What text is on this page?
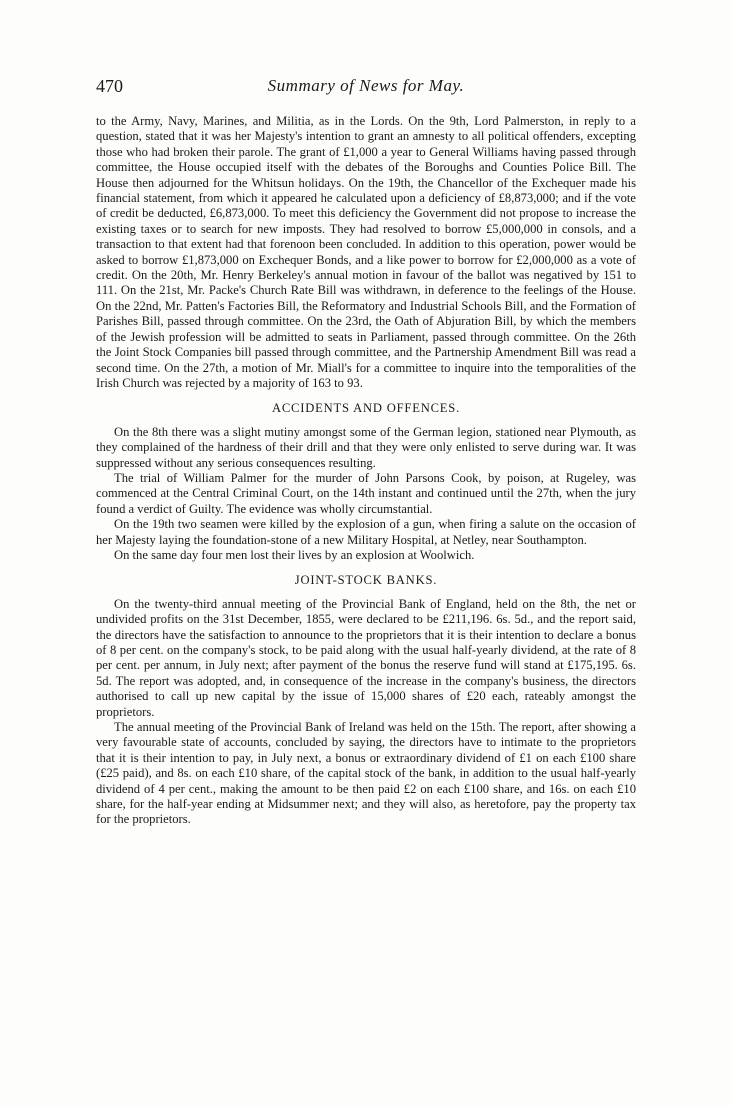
470	Summary of News for May.

to the Army, Navy, Marines, and Militia, as in the Lords. On the 9th, Lord Palmerston, in reply to a question, stated that it was her Majesty's intention to grant an amnesty to all political offenders, excepting those who had broken their parole. The grant of £1,000 a year to General Williams having passed through committee, the House occupied itself with the debates of the Boroughs and Counties Police Bill. The House then adjourned for the Whitsun holidays. On the 19th, the Chancellor of the Exchequer made his financial statement, from which it appeared he calculated upon a deficiency of £8,873,000; and if the vote of credit be deducted, £6,873,000. To meet this deficiency the Government did not propose to increase the existing taxes or to search for new imposts. They had resolved to borrow £5,000,000 in consols, and a transaction to that extent had that forenoon been concluded. In addition to this operation, power would be asked to borrow £1,873,000 on Exchequer Bonds, and a like power to borrow for £2,000,000 as a vote of credit. On the 20th, Mr. Henry Berkeley's annual motion in favour of the ballot was negatived by 151 to 111. On the 21st, Mr. Packe's Church Rate Bill was withdrawn, in deference to the feelings of the House. On the 22nd, Mr. Patten's Factories Bill, the Reformatory and Industrial Schools Bill, and the Formation of Parishes Bill, passed through committee. On the 23rd, the Oath of Abjuration Bill, by which the members of the Jewish profession will be admitted to seats in Parliament, passed through committee. On the 26th the Joint Stock Companies bill passed through committee, and the Partnership Amendment Bill was read a second time. On the 27th, a motion of Mr. Miall's for a committee to inquire into the temporalities of the Irish Church was rejected by a majority of 163 to 93.

ACCIDENTS AND OFFENCES.

On the 8th there was a slight mutiny amongst some of the German legion, stationed near Plymouth, as they complained of the hardness of their drill and that they were only enlisted to serve during war. It was suppressed without any serious consequences resulting.

The trial of William Palmer for the murder of John Parsons Cook, by poison, at Rugeley, was commenced at the Central Criminal Court, on the 14th instant and continued until the 27th, when the jury found a verdict of Guilty. The evidence was wholly circumstantial.

On the 19th two seamen were killed by the explosion of a gun, when firing a salute on the occasion of her Majesty laying the foundation-stone of a new Military Hospital, at Netley, near Southampton.

On the same day four men lost their lives by an explosion at Woolwich.

JOINT-STOCK BANKS.

On the twenty-third annual meeting of the Provincial Bank of England, held on the 8th, the net or undivided profits on the 31st December, 1855, were declared to be £211,196. 6s. 5d., and the report said, the directors have the satisfaction to announce to the proprietors that it is their intention to declare a bonus of 8 per cent. on the company's stock, to be paid along with the usual half-yearly dividend, at the rate of 8 per cent. per annum, in July next; after payment of the bonus the reserve fund will stand at £175,195. 6s. 5d. The report was adopted, and, in consequence of the increase in the company's business, the directors authorised to call up new capital by the issue of 15,000 shares of £20 each, rateably amongst the proprietors.

The annual meeting of the Provincial Bank of Ireland was held on the 15th. The report, after showing a very favourable state of accounts, concluded by saying, the directors have to intimate to the proprietors that it is their intention to pay, in July next, a bonus or extraordinary dividend of £1 on each £100 share (£25 paid), and 8s. on each £10 share, of the capital stock of the bank, in addition to the usual half-yearly dividend of 4 per cent., making the amount to be then paid £2 on each £100 share, and 16s. on each £10 share, for the half-year ending at Midsummer next; and they will also, as heretofore, pay the property tax for the proprietors.
